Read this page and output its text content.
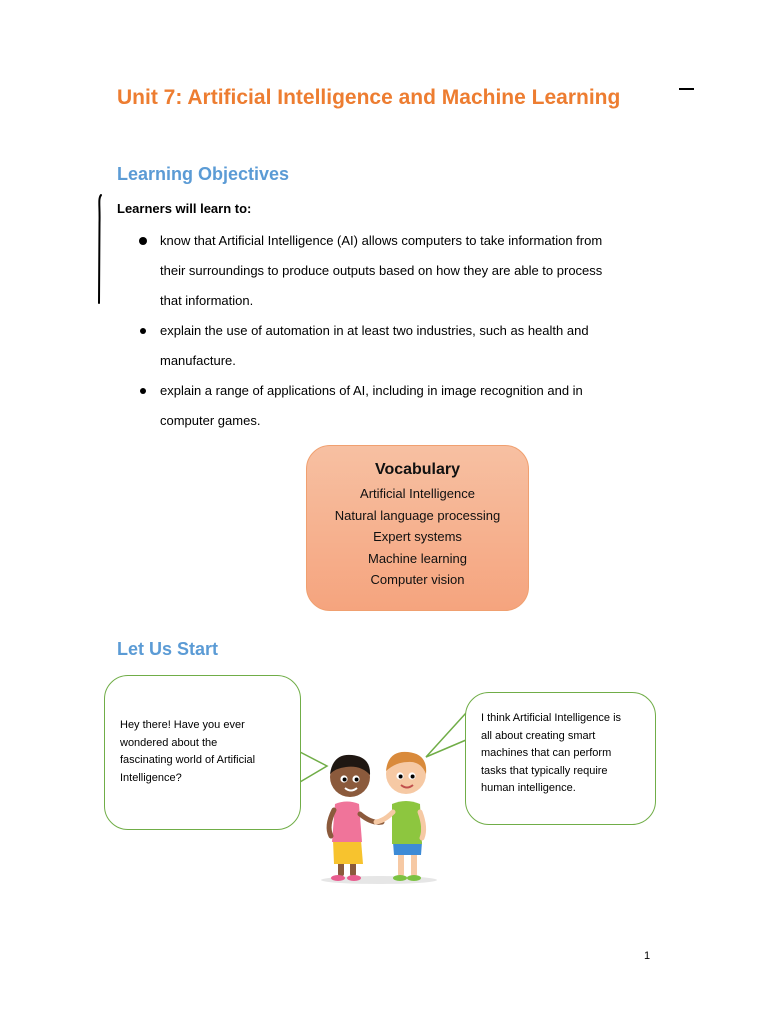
Unit 7: Artificial Intelligence and Machine Learning
Learning Objectives
Learners will learn to:
know that Artificial Intelligence (AI) allows computers to take information from
their surroundings to produce outputs based on how they are able to process
that information.
explain the use of automation in at least two industries, such as health and
manufacture.
explain a range of applications of AI, including in image recognition and in
computer games.
Vocabulary
Artificial Intelligence
Natural language processing
Expert systems
Machine learning
Computer vision
Let Us Start
Hey there! Have you ever
wondered about the
fascinating world of Artificial
Intelligence?
I think Artificial Intelligence is
all about creating smart
machines that can perform
tasks that typically require
human intelligence.
1
